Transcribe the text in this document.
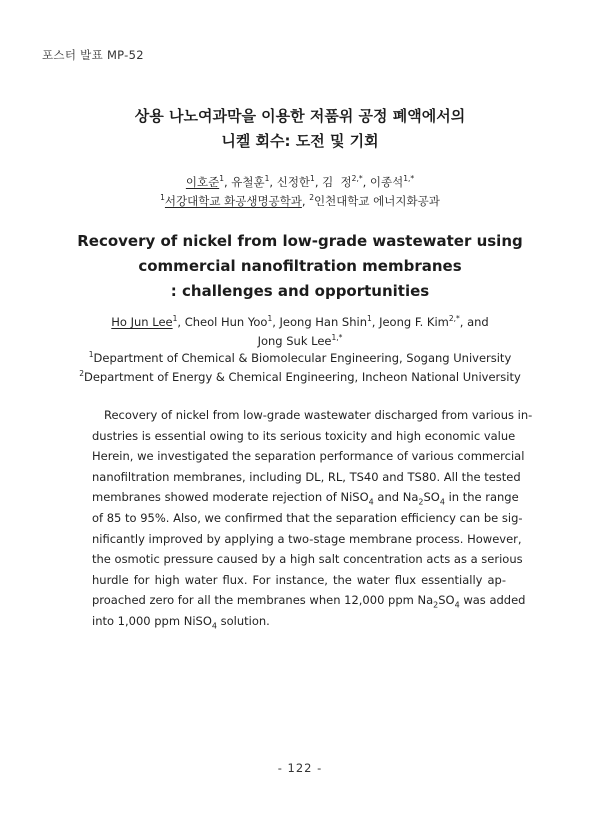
포스터 발표 MP-52
상용 나노여과막을 이용한 저품위 공정 폐액에서의
니켈 회수: 도전 및 기회
이호준$^1$, 유철훈$^1$, 신정한$^1$, 김  정$^{2,*}$, 이종석$^{1,*}$
$^1$서강대학교 화공생명공학과, $^2$인천대학교 에너지화공과
Recovery of nickel from low-grade wastewater using
commercial nanofiltration membranes
: challenges and opportunities
Ho Jun Lee$^1$, Cheol Hun Yoo$^1$, Jeong Han Shin$^1$, Jeong F. Kim$^{2,*}$, and
Jong Suk Lee$^{1,*}$
$^1$Department of Chemical & Biomolecular Engineering, Sogang University
$^2$Department of Energy & Chemical Engineering, Incheon National University
Recovery of nickel from low-grade wastewater discharged from various in-
dustries is essential owing to its serious toxicity and high economic value
Herein, we investigated the separation performance of various commercial
nanofiltration membranes, including DL, RL, TS40 and TS80. All the tested
membranes showed moderate rejection of NiSO$_4$ and $Na_2SO_4$ in the range
of 85 to 95%. Also, we confirmed that the separation efficiency can be sig-
nificantly improved by applying a two-stage membrane process. However,
the osmotic pressure caused by a high salt concentration acts as a serious
hurdle for high water flux. For instance, the water flux essentially ap-
proached zero for all the membranes when 12,000 ppm $Na_2SO_4$ was added
into 1,000 ppm NiSO$_4$ solution.
- 122 -
